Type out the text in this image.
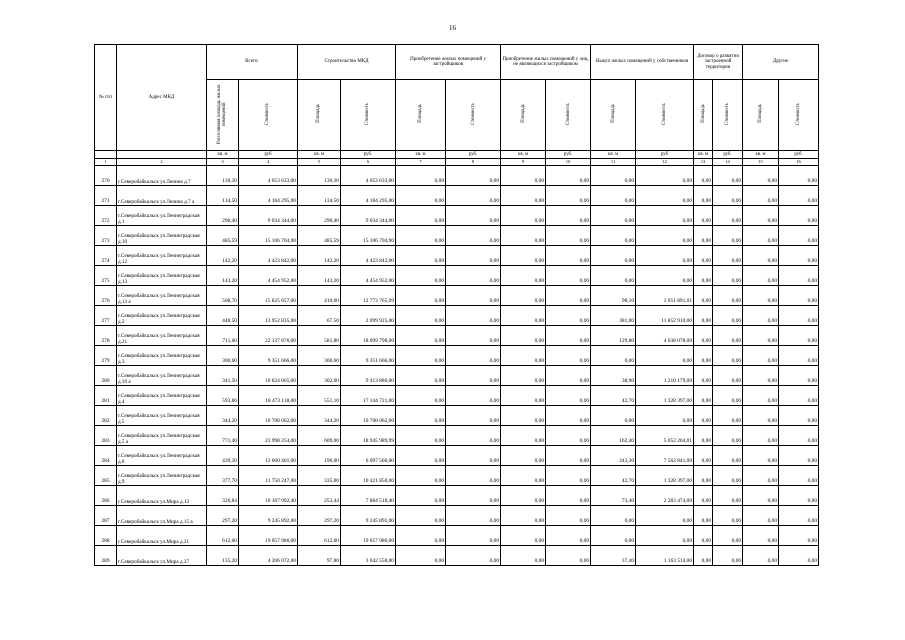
16
№ п\п	Адрес МКД	Всего:		Строительство МКД		Приобретение жилых помещений у застройщиков		Приобретение жилых помещений у лиц, не являющихся застройщиком		Выкуп жилых помещений у собственников		Договор о развитии застроенной территории		Другие	
		Расселяемая площадь жилых помещений	Стоимость	Площадь	Стоимость	Площадь	Стоимость	Площадь	Стоимость	Площадь	Стоимость	Площадь	Стоимость	Площадь	Стоимость
		кв. м	руб	кв. м	руб.	кв. м	руб.	кв. м	руб.	кв. м	руб	кв. м	руб.	кв. м	руб.
1	2	3	4	5	6	7	8	9	10	11	12	13	14	15	16
270	г.Северобайкальск ул.Ленина д.7	130,30	4 053 633,00	130,30	4 053 633,00	0,00	0,00	0,00	0,00	0,00	0,00	0,00	0,00	0,00	0,00
271	г.Северобайкальск ул.Ленина д.7 а	134,50	4 184 295,00	134,50	4 184 295,00	0,00	0,00	0,00	0,00	0,00	0,00	0,00	0,00	0,00	0,00
272	г.Северобайкальск ул.Ленинградская д.1	290,40	9 034 344,00	290,40	9 034 344,00	0,00	0,00	0,00	0,00	0,00	0,00	0,00	0,00	0,00	0,00
273	г.Северобайкальск ул.Ленинградская д.10	485,59	15 106 704,90	485,59	15 106 704,90	0,00	0,00	0,00	0,00	0,00	0,00	0,00	0,00	0,00	0,00
274	г.Северобайкальск ул.Ленинградская д.12	142,20	4 423 842,00	142,20	4 423 842,00	0,00	0,00	0,00	0,00	0,00	0,00	0,00	0,00	0,00	0,00
275	г.Северобайкальск ул.Ленинградская д.13	143,20	4 454 952,00	143,20	4 454 952,00	0,00	0,00	0,00	0,00	0,00	0,00	0,00	0,00	0,00	0,00
276	г.Северобайкальск ул.Ленинградская д.13 а	508,70	15 825 657,00	410,60	12 773 765,99	0,00	0,00	0,00	0,00	98,10	3 051 891,01	0,00	0,00	0,00	0,00
277	г.Северобайкальск ул.Ленинградская д.2	448,50	13 952 835,00	67,50	2 099 925,00	0,00	0,00	0,00	0,00	381,00	11 852 910,00	0,00	0,00	0,00	0,00
278	г.Северобайкальск ул.Ленинградская д.21	711,60	22 137 876,00	581,80	18 099 798,00	0,00	0,00	0,00	0,00	129,80	4 038 078,00	0,00	0,00	0,00	0,00
279	г.Северобайкальск ул.Ленинградская д.3	300,60	9 351 666,00	300,60	9 351 666,00	0,00	0,00	0,00	0,00	0,00	0,00	0,00	0,00	0,00	0,00
280	г.Северобайкальск ул.Ленинградская д.39 а	341,50	10 624 065,00	302,60	9 413 886,00	0,00	0,00	0,00	0,00	38,90	1 210 179,00	0,00	0,00	0,00	0,00
281	г.Северобайкальск ул.Ленинградская д.4	593,80	18 473 118,00	551,10	17 144 721,00	0,00	0,00	0,00	0,00	42,70	1 328 397,00	0,00	0,00	0,00	0,00
282	г.Северобайкальск ул.Ленинградская д.5	344,20	10 708 062,00	344,20	10 708 062,00	0,00	0,00	0,00	0,00	0,00	0,00	0,00	0,00	0,00	0,00
283	г.Северобайкальск ул.Ленинградская д.5 а	771,40	23 998 254,00	609,00	18 945 989,99	0,00	0,00	0,00	0,00	162,40	5 052 264,01	0,00	0,00	0,00	0,00
284	г.Северобайкальск ул.Ленинградская д.8	439,30	13 660 401,00	196,00	6 097 560,00	0,00	0,00	0,00	0,00	243,30	7 562 841,00	0,00	0,00	0,00	0,00
285	г.Северобайкальск ул.Ленинградская д.9	377,70	11 750 247,00	335,00	10 421 850,00	0,00	0,00	0,00	0,00	42,70	1 328 397,00	0,00	0,00	0,00	0,00
286	г.Северобайкальск ул.Мира д.12	326,84	10 167 992,40	253,44	7 884 518,40	0,00	0,00	0,00	0,00	73,40	2 283 474,00	0,00	0,00	0,00	0,00
287	г.Северобайкальск ул.Мира д.15 а	297,20	9 245 892,00	297,20	9 245 892,00	0,00	0,00	0,00	0,00	0,00	0,00	0,00	0,00	0,00	0,00
288	г.Северобайкальск ул.Мира д.21	612,60	19 057 986,00	612,60	19 057 986,00	0,00	0,00	0,00	0,00	0,00	0,00	0,00	0,00	0,00	0,00
289	г.Северобайкальск ул.Мира д.27	135,20	4 206 072,00	97,80	3 042 558,00	0,00	0,00	0,00	0,00	37,40	1 163 514,00	0,00	0,00	0,00	0,00
